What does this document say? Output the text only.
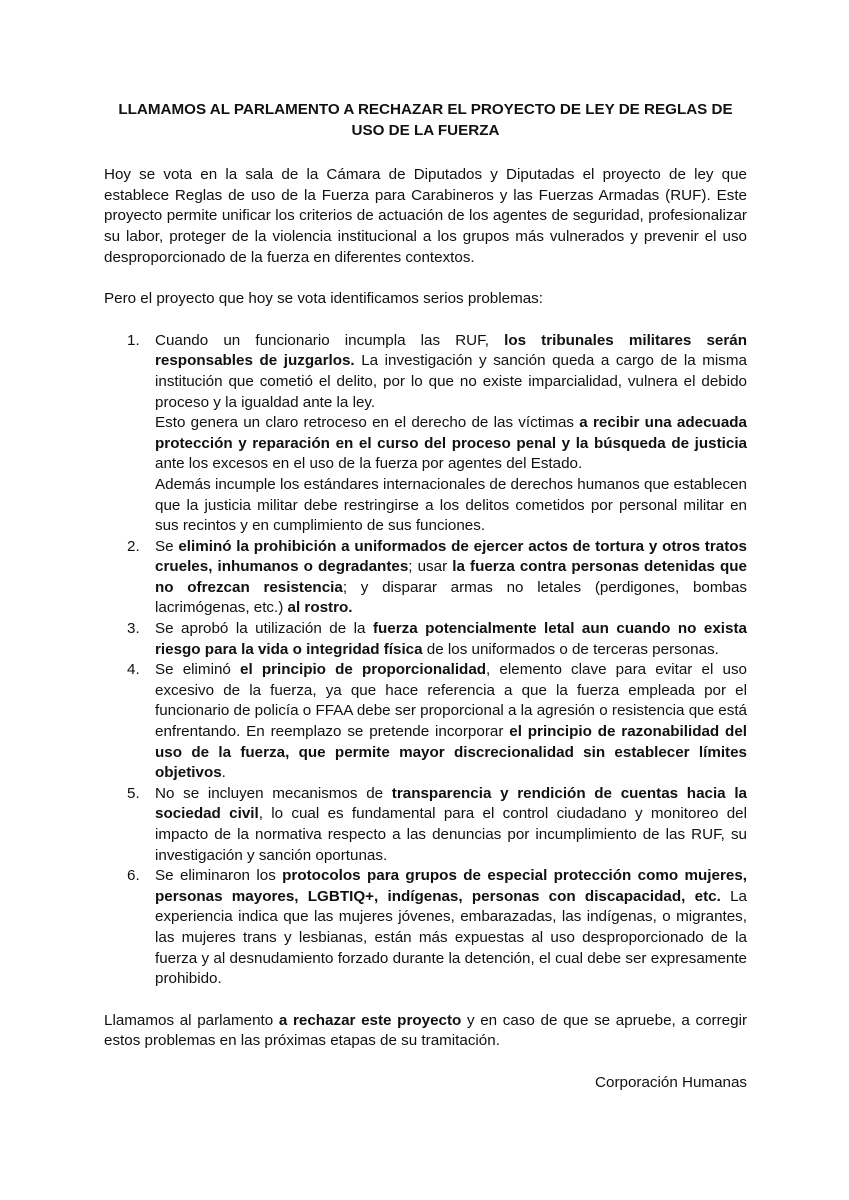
LLAMAMOS AL PARLAMENTO A RECHAZAR EL PROYECTO DE LEY DE REGLAS DE USO DE LA FUERZA

Hoy se vota en la sala de la Cámara de Diputados y Diputadas el proyecto de ley que establece Reglas de uso de la Fuerza para Carabineros y las Fuerzas Armadas (RUF). Este proyecto permite unificar los criterios de actuación de los agentes de seguridad, profesionalizar su labor, proteger de la violencia institucional a los grupos más vulnerados y prevenir el uso desproporcionado de la fuerza en diferentes contextos.

Pero el proyecto que hoy se vota identificamos serios problemas:

1. Cuando un funcionario incumpla las RUF, los tribunales militares serán responsables de juzgarlos. La investigación y sanción queda a cargo de la misma institución que cometió el delito, por lo que no existe imparcialidad, vulnera el debido proceso y la igualdad ante la ley.
Esto genera un claro retroceso en el derecho de las víctimas a recibir una adecuada protección y reparación en el curso del proceso penal y la búsqueda de justicia ante los excesos en el uso de la fuerza por agentes del Estado.
Además incumple los estándares internacionales de derechos humanos que establecen que la justicia militar debe restringirse a los delitos cometidos por personal militar en sus recintos y en cumplimiento de sus funciones.
2. Se eliminó la prohibición a uniformados de ejercer actos de tortura y otros tratos crueles, inhumanos o degradantes; usar la fuerza contra personas detenidas que no ofrezcan resistencia; y disparar armas no letales (perdigones, bombas lacrimógenas, etc.) al rostro.
3. Se aprobó la utilización de la fuerza potencialmente letal aun cuando no exista riesgo para la vida o integridad física de los uniformados o de terceras personas.
4. Se eliminó el principio de proporcionalidad, elemento clave para evitar el uso excesivo de la fuerza, ya que hace referencia a que la fuerza empleada por el funcionario de policía o FFAA debe ser proporcional a la agresión o resistencia que está enfrentando. En reemplazo se pretende incorporar el principio de razonabilidad del uso de la fuerza, que permite mayor discrecionalidad sin establecer límites objetivos.
5. No se incluyen mecanismos de transparencia y rendición de cuentas hacia la sociedad civil, lo cual es fundamental para el control ciudadano y monitoreo del impacto de la normativa respecto a las denuncias por incumplimiento de las RUF, su investigación y sanción oportunas.
6. Se eliminaron los protocolos para grupos de especial protección como mujeres, personas mayores, LGBTIQ+, indígenas, personas con discapacidad, etc. La experiencia indica que las mujeres jóvenes, embarazadas, las indígenas, o migrantes, las mujeres trans y lesbianas, están más expuestas al uso desproporcionado de la fuerza y al desnudamiento forzado durante la detención, el cual debe ser expresamente prohibido.

Llamamos al parlamento a rechazar este proyecto y en caso de que se apruebe, a corregir estos problemas en las próximas etapas de su tramitación.

Corporación Humanas
